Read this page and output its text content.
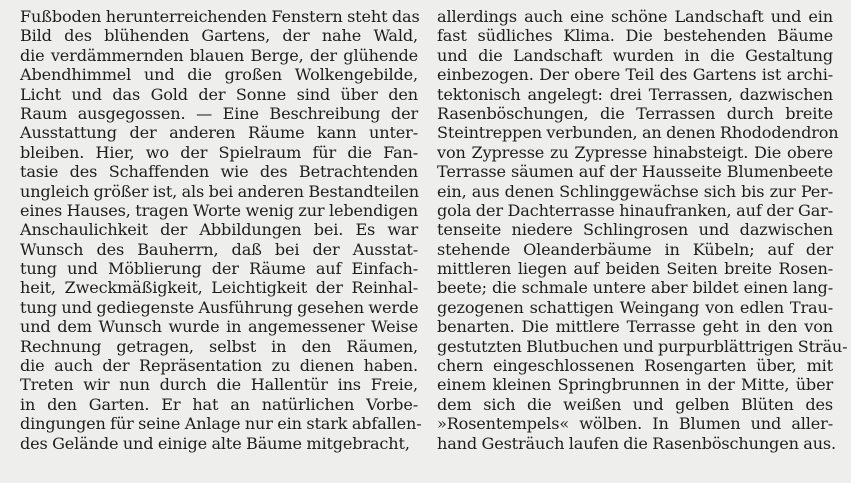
Fußboden herunterreichenden Fenstern steht das
Bild des blühenden Gartens, der nahe Wald,
die verdämmernden blauen Berge, der glühende
Abendhimmel und die großen Wolkengebilde,
Licht und das Gold der Sonne sind über den
Raum ausgegossen. — Eine Beschreibung der
Ausstattung der anderen Räume kann unter-
bleiben. Hier, wo der Spielraum für die Fan-
tasie des Schaffenden wie des Betrachtenden
ungleich größer ist, als bei anderen Bestandteilen
eines Hauses, tragen Worte wenig zur lebendigen
Anschaulichkeit der Abbildungen bei. Es war
Wunsch des Bauherrn, daß bei der Ausstat-
tung und Möblierung der Räume auf Einfach-
heit, Zweckmäßigkeit, Leichtigkeit der Reinhal-
tung und gediegenste Ausführung gesehen werde
und dem Wunsch wurde in angemessener Weise
Rechnung getragen, selbst in den Räumen,
die auch der Repräsentation zu dienen haben.
Treten wir nun durch die Hallentür ins Freie,
in den Garten. Er hat an natürlichen Vorbe-
dingungen für seine Anlage nur ein stark abfallen-
des Gelände und einige alte Bäume mitgebracht,
allerdings auch eine schöne Landschaft und ein
fast südliches Klima. Die bestehenden Bäume
und die Landschaft wurden in die Gestaltung
einbezogen. Der obere Teil des Gartens ist archi-
tektonisch angelegt: drei Terrassen, dazwischen
Rasenböschungen, die Terrassen durch breite
Steintreppen verbunden, an denen Rhododendron
von Zypresse zu Zypresse hinabsteigt. Die obere
Terrasse säumen auf der Hausseite Blumenbeete
ein, aus denen Schlinggewächse sich bis zur Per-
gola der Dachterrasse hinaufranken, auf der Gar-
tenseite niedere Schlingrosen und dazwischen
stehende Oleanderbäume in Kübeln; auf der
mittleren liegen auf beiden Seiten breite Rosen-
beete; die schmale untere aber bildet einen lang-
gezogenen schattigen Weingang von edlen Trau-
benarten. Die mittlere Terrasse geht in den von
gestutzten Blutbuchen und purpurblättrigen Sträu-
chern eingeschlossenen Rosengarten über, mit
einem kleinen Springbrunnen in der Mitte, über
dem sich die weißen und gelben Blüten des
»Rosentempels« wölben. In Blumen und aller-
hand Gesträuch laufen die Rasenböschungen aus.
